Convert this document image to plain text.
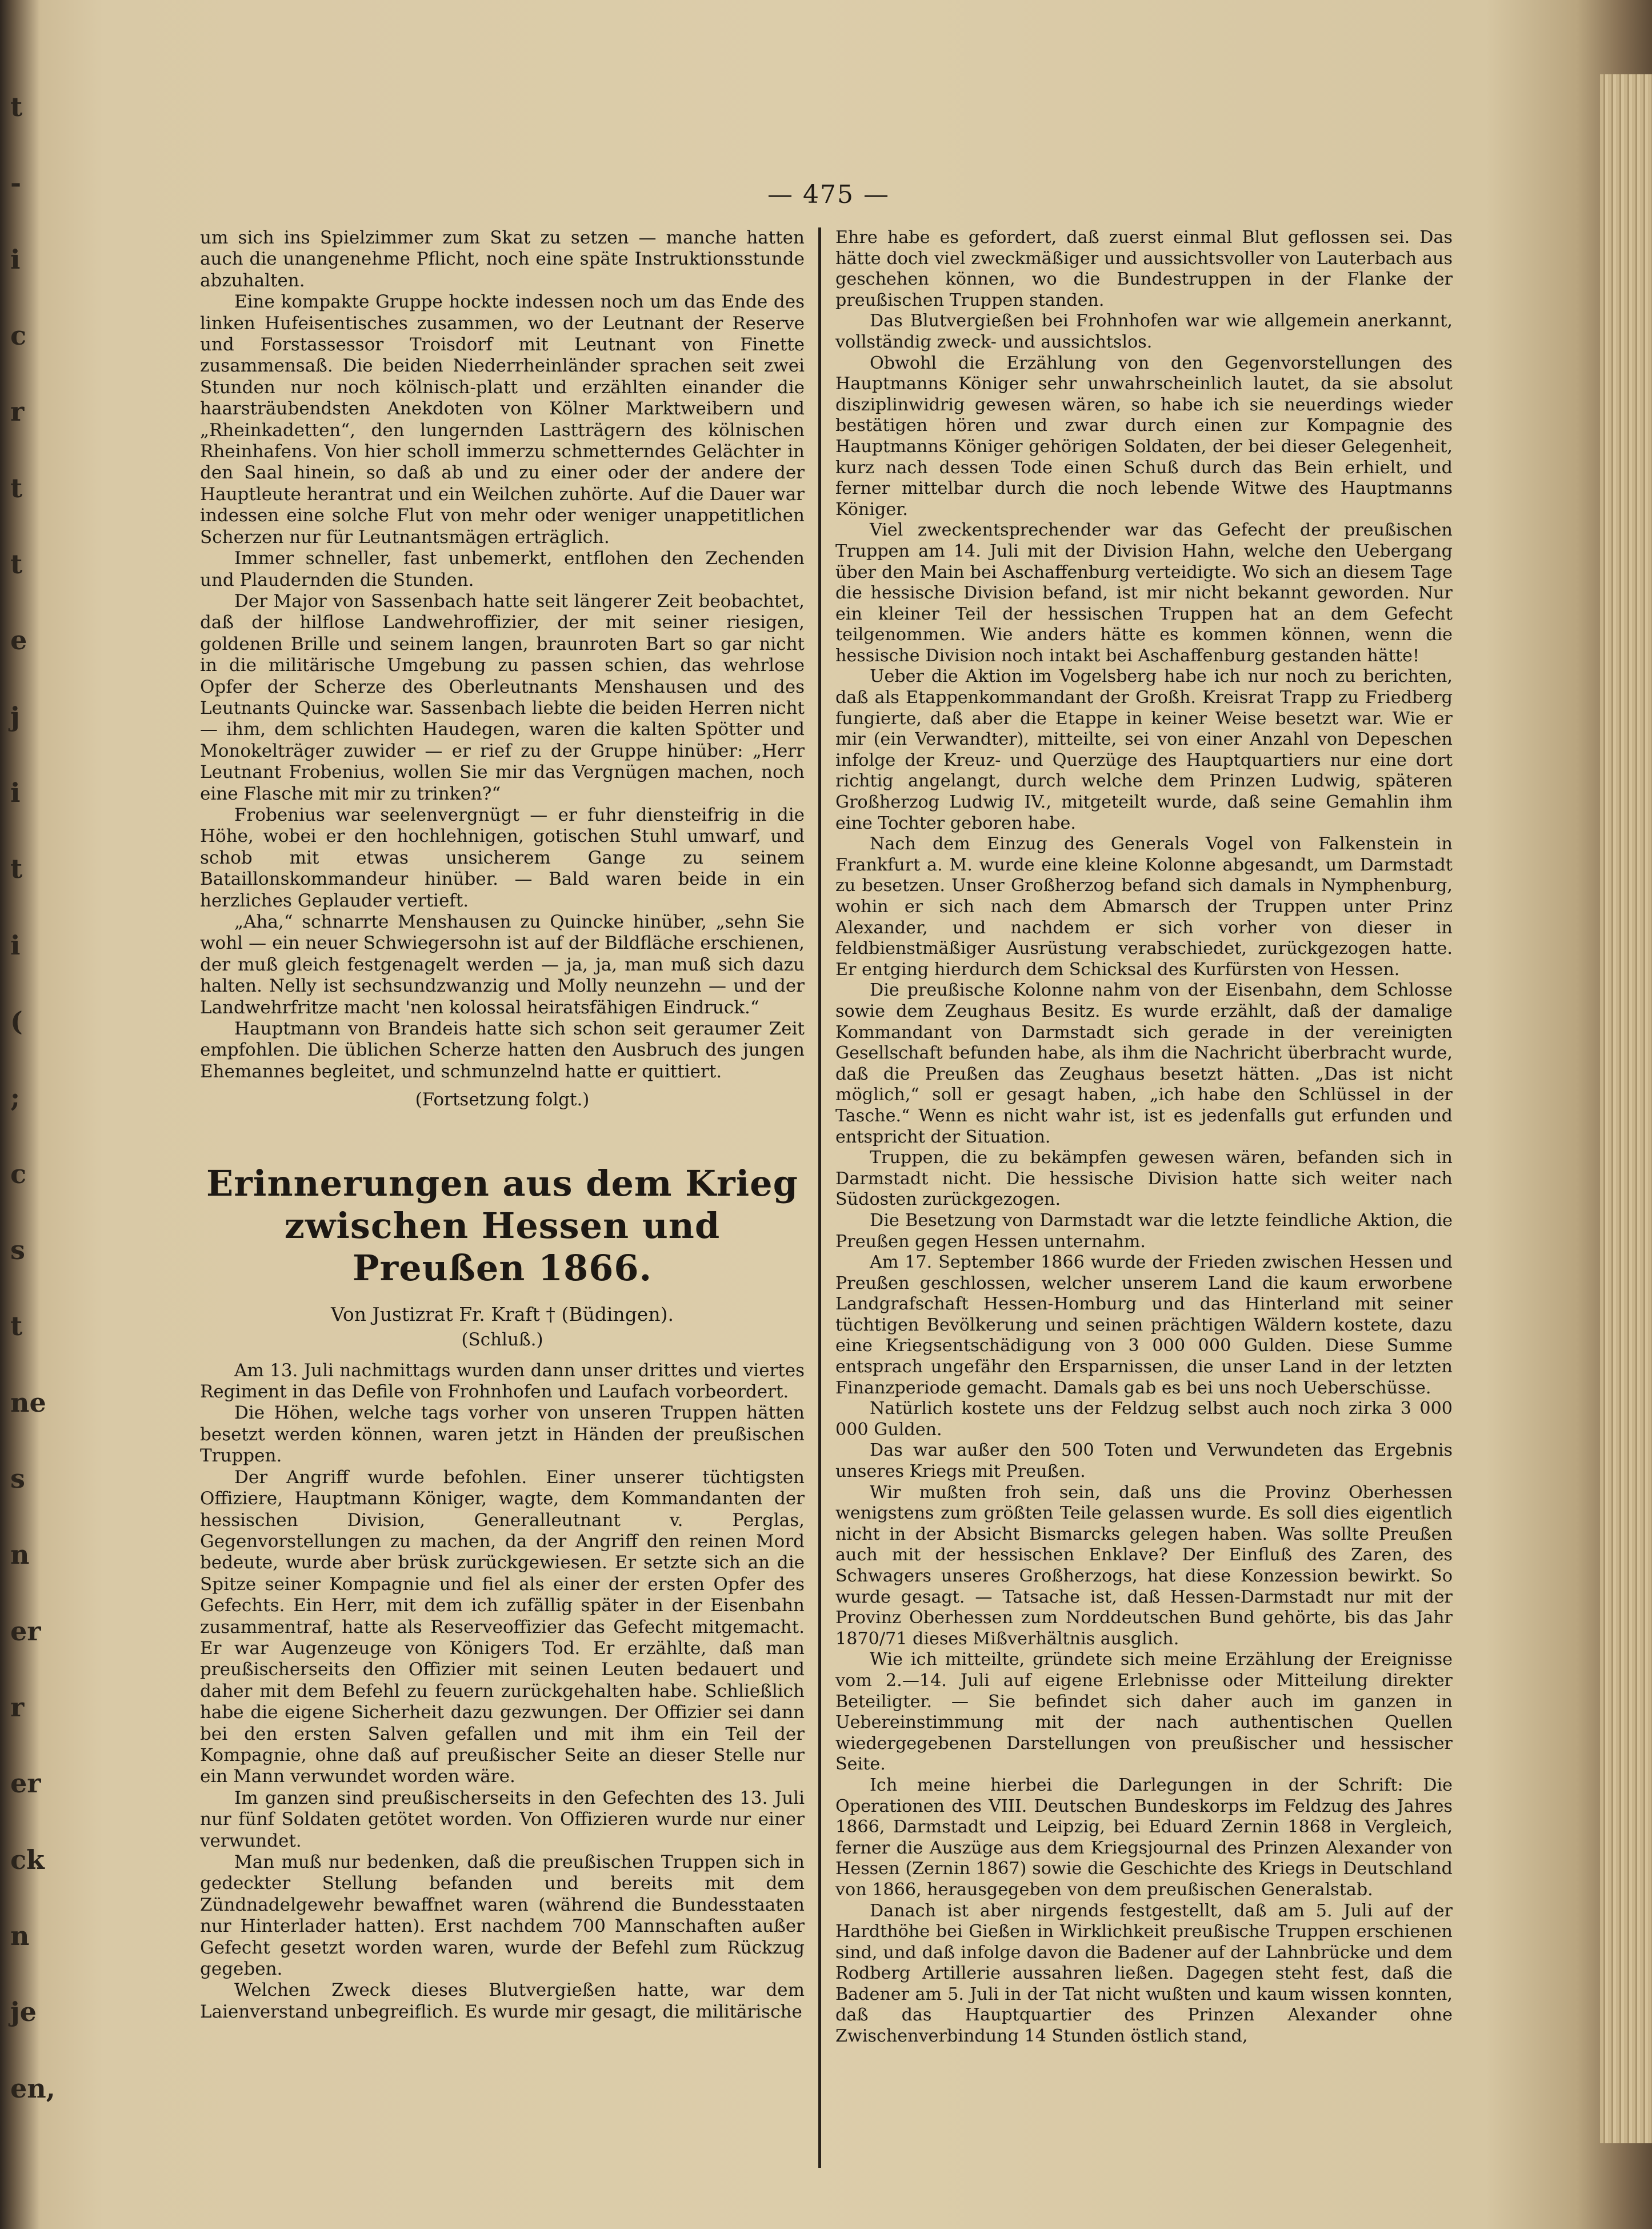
t
-
i
c
r
t
t
e
j
i
t
i
(
;
c
s
t
ne
s
n
er
r
er
ck
n
je
en,
— 475 —

um sich ins Spielzimmer zum Skat zu setzen — manche hatten auch die unangenehme Pflicht, noch eine späte Instruktionsstunde abzuhalten.

Eine kompakte Gruppe hockte indessen noch um das Ende des linken Hufeisentisches zusammen, wo der Leutnant der Reserve und Forstassessor Troisdorf mit Leutnant von Finette zusammensaß. Die beiden Niederrheinländer sprachen seit zwei Stunden nur noch kölnisch-platt und erzählten einander die haarsträubendsten Anekdoten von Kölner Marktweibern und „Rheinkadetten“, den lungernden Lastträgern des kölnischen Rheinhafens. Von hier scholl immerzu schmetterndes Gelächter in den Saal hinein, so daß ab und zu einer oder der andere der Hauptleute herantrat und ein Weilchen zuhörte. Auf die Dauer war indessen eine solche Flut von mehr oder weniger unappetitlichen Scherzen nur für Leutnantsmägen erträglich.

Immer schneller, fast unbemerkt, entflohen den Zechenden und Plaudernden die Stunden.

Der Major von Sassenbach hatte seit längerer Zeit beobachtet, daß der hilflose Landwehroffizier, der mit seiner riesigen, goldenen Brille und seinem langen, braunroten Bart so gar nicht in die militärische Umgebung zu passen schien, das wehrlose Opfer der Scherze des Oberleutnants Menshausen und des Leutnants Quincke war. Sassenbach liebte die beiden Herren nicht — ihm, dem schlichten Haudegen, waren die kalten Spötter und Monokelträger zuwider — er rief zu der Gruppe hinüber: „Herr Leutnant Frobenius, wollen Sie mir das Vergnügen machen, noch eine Flasche mit mir zu trinken?“

Frobenius war seelenvergnügt — er fuhr diensteifrig in die Höhe, wobei er den hochlehnigen, gotischen Stuhl umwarf, und schob mit etwas unsicherem Gange zu seinem Bataillonskommandeur hinüber. — Bald waren beide in ein herzliches Geplauder vertieft.

„Aha,“ schnarrte Menshausen zu Quincke hinüber, „sehn Sie wohl — ein neuer Schwiegersohn ist auf der Bildfläche erschienen, der muß gleich festgenagelt werden — ja, ja, man muß sich dazu halten. Nelly ist sechsundzwanzig und Molly neunzehn — und der Landwehrfritze macht 'nen kolossal heiratsfähigen Eindruck.“

Hauptmann von Brandeis hatte sich schon seit geraumer Zeit empfohlen. Die üblichen Scherze hatten den Ausbruch des jungen Ehemannes begleitet, und schmunzelnd hatte er quittiert.

(Fortsetzung folgt.)
Erinnerungen aus dem Krieg zwischen Hessen und Preußen 1866.
Von Justizrat Fr. Kraft † (Büdingen).
(Schluß.)

Am 13. Juli nachmittags wurden dann unser drittes und viertes Regiment in das Defile von Frohnhofen und Laufach vorbeordert.

Die Höhen, welche tags vorher von unseren Truppen hätten besetzt werden können, waren jetzt in Händen der preußischen Truppen.

Der Angriff wurde befohlen. Einer unserer tüchtigsten Offiziere, Hauptmann Königer, wagte, dem Kommandanten der hessischen Division, Generalleutnant v. Perglas, Gegenvorstellungen zu machen, da der Angriff den reinen Mord bedeute, wurde aber brüsk zurückgewiesen. Er setzte sich an die Spitze seiner Kompagnie und fiel als einer der ersten Opfer des Gefechts. Ein Herr, mit dem ich zufällig später in der Eisenbahn zusammentraf, hatte als Reserveoffizier das Gefecht mitgemacht. Er war Augenzeuge von Königers Tod. Er erzählte, daß man preußischerseits den Offizier mit seinen Leuten bedauert und daher mit dem Befehl zu feuern zurückgehalten habe. Schließlich habe die eigene Sicherheit dazu gezwungen. Der Offizier sei dann bei den ersten Salven gefallen und mit ihm ein Teil der Kompagnie, ohne daß auf preußischer Seite an dieser Stelle nur ein Mann verwundet worden wäre.

Im ganzen sind preußischerseits in den Gefechten des 13. Juli nur fünf Soldaten getötet worden. Von Offizieren wurde nur einer verwundet.

Man muß nur bedenken, daß die preußischen Truppen sich in gedeckter Stellung befanden und bereits mit dem Zündnadelgewehr bewaffnet waren (während die Bundesstaaten nur Hinterlader hatten). Erst nachdem 700 Mannschaften außer Gefecht gesetzt worden waren, wurde der Befehl zum Rückzug gegeben.

Welchen Zweck dieses Blutvergießen hatte, war dem Laienverstand unbegreiflich. Es wurde mir gesagt, die militärische

Ehre habe es gefordert, daß zuerst einmal Blut geflossen sei. Das hätte doch viel zweckmäßiger und aussichtsvoller von Lauterbach aus geschehen können, wo die Bundestruppen in der Flanke der preußischen Truppen standen.

Das Blutvergießen bei Frohnhofen war wie allgemein anerkannt, vollständig zweck- und aussichtslos.

Obwohl die Erzählung von den Gegenvorstellungen des Hauptmanns Königer sehr unwahrscheinlich lautet, da sie absolut disziplinwidrig gewesen wären, so habe ich sie neuerdings wieder bestätigen hören und zwar durch einen zur Kompagnie des Hauptmanns Königer gehörigen Soldaten, der bei dieser Gelegenheit, kurz nach dessen Tode einen Schuß durch das Bein erhielt, und ferner mittelbar durch die noch lebende Witwe des Hauptmanns Königer.

Viel zweckentsprechender war das Gefecht der preußischen Truppen am 14. Juli mit der Division Hahn, welche den Uebergang über den Main bei Aschaffenburg verteidigte. Wo sich an diesem Tage die hessische Division befand, ist mir nicht bekannt geworden. Nur ein kleiner Teil der hessischen Truppen hat an dem Gefecht teilgenommen. Wie anders hätte es kommen können, wenn die hessische Division noch intakt bei Aschaffenburg gestanden hätte!

Ueber die Aktion im Vogelsberg habe ich nur noch zu berichten, daß als Etappenkommandant der Großh. Kreisrat Trapp zu Friedberg fungierte, daß aber die Etappe in keiner Weise besetzt war. Wie er mir (ein Verwandter), mitteilte, sei von einer Anzahl von Depeschen infolge der Kreuz- und Querzüge des Hauptquartiers nur eine dort richtig angelangt, durch welche dem Prinzen Ludwig, späteren Großherzog Ludwig IV., mitgeteilt wurde, daß seine Gemahlin ihm eine Tochter geboren habe.

Nach dem Einzug des Generals Vogel von Falkenstein in Frankfurt a. M. wurde eine kleine Kolonne abgesandt, um Darmstadt zu besetzen. Unser Großherzog befand sich damals in Nymphenburg, wohin er sich nach dem Abmarsch der Truppen unter Prinz Alexander, und nachdem er sich vorher von dieser in feldbienstmäßiger Ausrüstung verabschiedet, zurückgezogen hatte. Er entging hierdurch dem Schicksal des Kurfürsten von Hessen.

Die preußische Kolonne nahm von der Eisenbahn, dem Schlosse sowie dem Zeughaus Besitz. Es wurde erzählt, daß der damalige Kommandant von Darmstadt sich gerade in der vereinigten Gesellschaft befunden habe, als ihm die Nachricht überbracht wurde, daß die Preußen das Zeughaus besetzt hätten. „Das ist nicht möglich,“ soll er gesagt haben, „ich habe den Schlüssel in der Tasche.“ Wenn es nicht wahr ist, ist es jedenfalls gut erfunden und entspricht der Situation.

Truppen, die zu bekämpfen gewesen wären, befanden sich in Darmstadt nicht. Die hessische Division hatte sich weiter nach Südosten zurückgezogen.

Die Besetzung von Darmstadt war die letzte feindliche Aktion, die Preußen gegen Hessen unternahm.

Am 17. September 1866 wurde der Frieden zwischen Hessen und Preußen geschlossen, welcher unserem Land die kaum erworbene Landgrafschaft Hessen-Homburg und das Hinterland mit seiner tüchtigen Bevölkerung und seinen prächtigen Wäldern kostete, dazu eine Kriegsentschädigung von 3 000 000 Gulden. Diese Summe entsprach ungefähr den Ersparnissen, die unser Land in der letzten Finanzperiode gemacht. Damals gab es bei uns noch Ueberschüsse.

Natürlich kostete uns der Feldzug selbst auch noch zirka 3 000 000 Gulden.

Das war außer den 500 Toten und Verwundeten das Ergebnis unseres Kriegs mit Preußen.

Wir mußten froh sein, daß uns die Provinz Oberhessen wenigstens zum größten Teile gelassen wurde. Es soll dies eigentlich nicht in der Absicht Bismarcks gelegen haben. Was sollte Preußen auch mit der hessischen Enklave? Der Einfluß des Zaren, des Schwagers unseres Großherzogs, hat diese Konzession bewirkt. So wurde gesagt. — Tatsache ist, daß Hessen-Darmstadt nur mit der Provinz Oberhessen zum Norddeutschen Bund gehörte, bis das Jahr 1870/71 dieses Mißverhältnis ausglich.

Wie ich mitteilte, gründete sich meine Erzählung der Ereignisse vom 2.—14. Juli auf eigene Erlebnisse oder Mitteilung direkter Beteiligter. — Sie befindet sich daher auch im ganzen in Uebereinstimmung mit der nach authentischen Quellen wiedergegebenen Darstellungen von preußischer und hessischer Seite.

Ich meine hierbei die Darlegungen in der Schrift: Die Operationen des VIII. Deutschen Bundeskorps im Feldzug des Jahres 1866, Darmstadt und Leipzig, bei Eduard Zernin 1868 in Vergleich, ferner die Auszüge aus dem Kriegsjournal des Prinzen Alexander von Hessen (Zernin 1867) sowie die Geschichte des Kriegs in Deutschland von 1866, herausgegeben von dem preußischen Generalstab.

Danach ist aber nirgends festgestellt, daß am 5. Juli auf der Hardthöhe bei Gießen in Wirklichkeit preußische Truppen erschienen sind, und daß infolge davon die Badener auf der Lahnbrücke und dem Rodberg Artillerie aussahren ließen. Dagegen steht fest, daß die Badener am 5. Juli in der Tat nicht wußten und kaum wissen konnten, daß das Hauptquartier des Prinzen Alexander ohne Zwischenverbindung 14 Stunden östlich stand,
